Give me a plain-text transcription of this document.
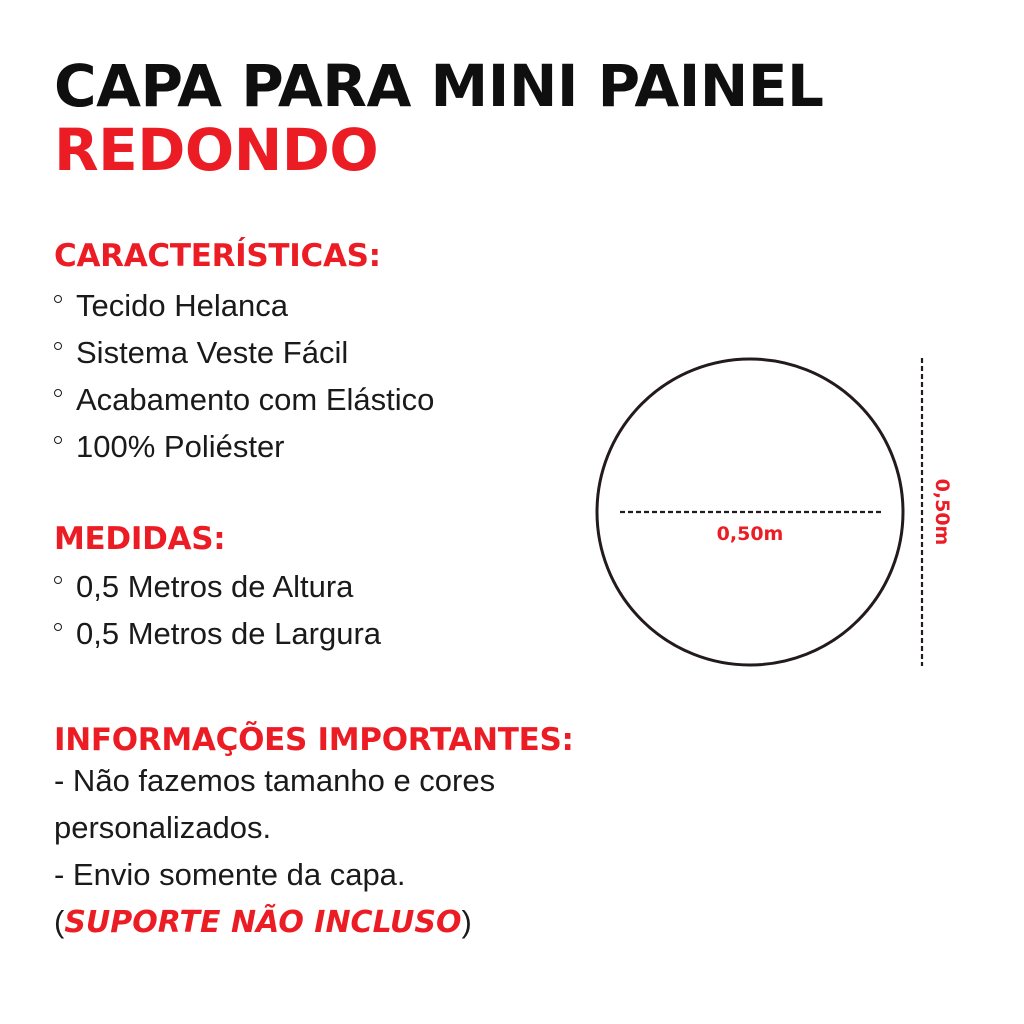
CAPA PARA MINI PAINEL
REDONDO
CARACTERÍSTICAS:
Tecido Helanca
Sistema Veste Fácil
Acabamento com Elástico
100% Poliéster
MEDIDAS:
0,5 Metros de Altura
0,5 Metros de Largura
INFORMAÇÕES IMPORTANTES:
- Não fazemos tamanho e cores
personalizados.
- Envio somente da capa.
(SUPORTE NÃO INCLUSO)
0,50m	0,50m
